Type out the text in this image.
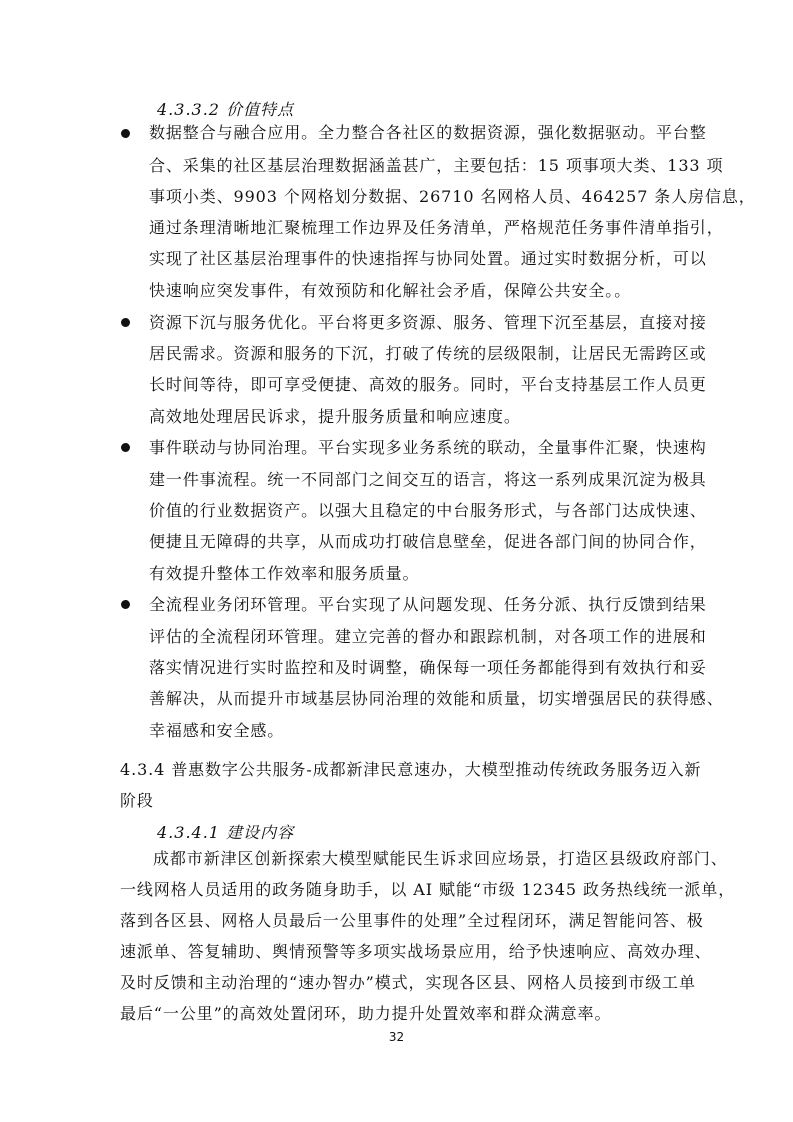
4.3.3.2 价值特点
数据整合与融合应用。全力整合各社区的数据资源，强化数据驱动。平台整
合、采集的社区基层治理数据涵盖甚广，主要包括：15 项事项大类、133 项
事项小类、9903 个网格划分数据、26710 名网格人员、464257 条人房信息，
通过条理清晰地汇聚梳理工作边界及任务清单，严格规范任务事件清单指引，
实现了社区基层治理事件的快速指挥与协同处置。通过实时数据分析，可以
快速响应突发事件，有效预防和化解社会矛盾，保障公共安全。。
资源下沉与服务优化。平台将更多资源、服务、管理下沉至基层，直接对接
居民需求。资源和服务的下沉，打破了传统的层级限制，让居民无需跨区或
长时间等待，即可享受便捷、高效的服务。同时，平台支持基层工作人员更
高效地处理居民诉求，提升服务质量和响应速度。
事件联动与协同治理。平台实现多业务系统的联动，全量事件汇聚，快速构
建一件事流程。统一不同部门之间交互的语言，将这一系列成果沉淀为极具
价值的行业数据资产。以强大且稳定的中台服务形式，与各部门达成快速、
便捷且无障碍的共享，从而成功打破信息壁垒，促进各部门间的协同合作，
有效提升整体工作效率和服务质量。
全流程业务闭环管理。平台实现了从问题发现、任务分派、执行反馈到结果
评估的全流程闭环管理。建立完善的督办和跟踪机制，对各项工作的进展和
落实情况进行实时监控和及时调整，确保每一项任务都能得到有效执行和妥
善解决，从而提升市域基层协同治理的效能和质量，切实增强居民的获得感、
幸福感和安全感。
4.3.4 普惠数字公共服务-成都新津民意速办，大模型推动传统政务服务迈入新
阶段
4.3.4.1 建设内容
成都市新津区创新探索大模型赋能民生诉求回应场景，打造区县级政府部门、
一线网格人员适用的政务随身助手，以 AI 赋能“市级 12345 政务热线统一派单，
落到各区县、网格人员最后一公里事件的处理”全过程闭环，满足智能问答、极
速派单、答复辅助、舆情预警等多项实战场景应用，给予快速响应、高效办理、
及时反馈和主动治理的“速办智办”模式，实现各区县、网格人员接到市级工单
最后“一公里”的高效处置闭环，助力提升处置效率和群众满意率。
32
